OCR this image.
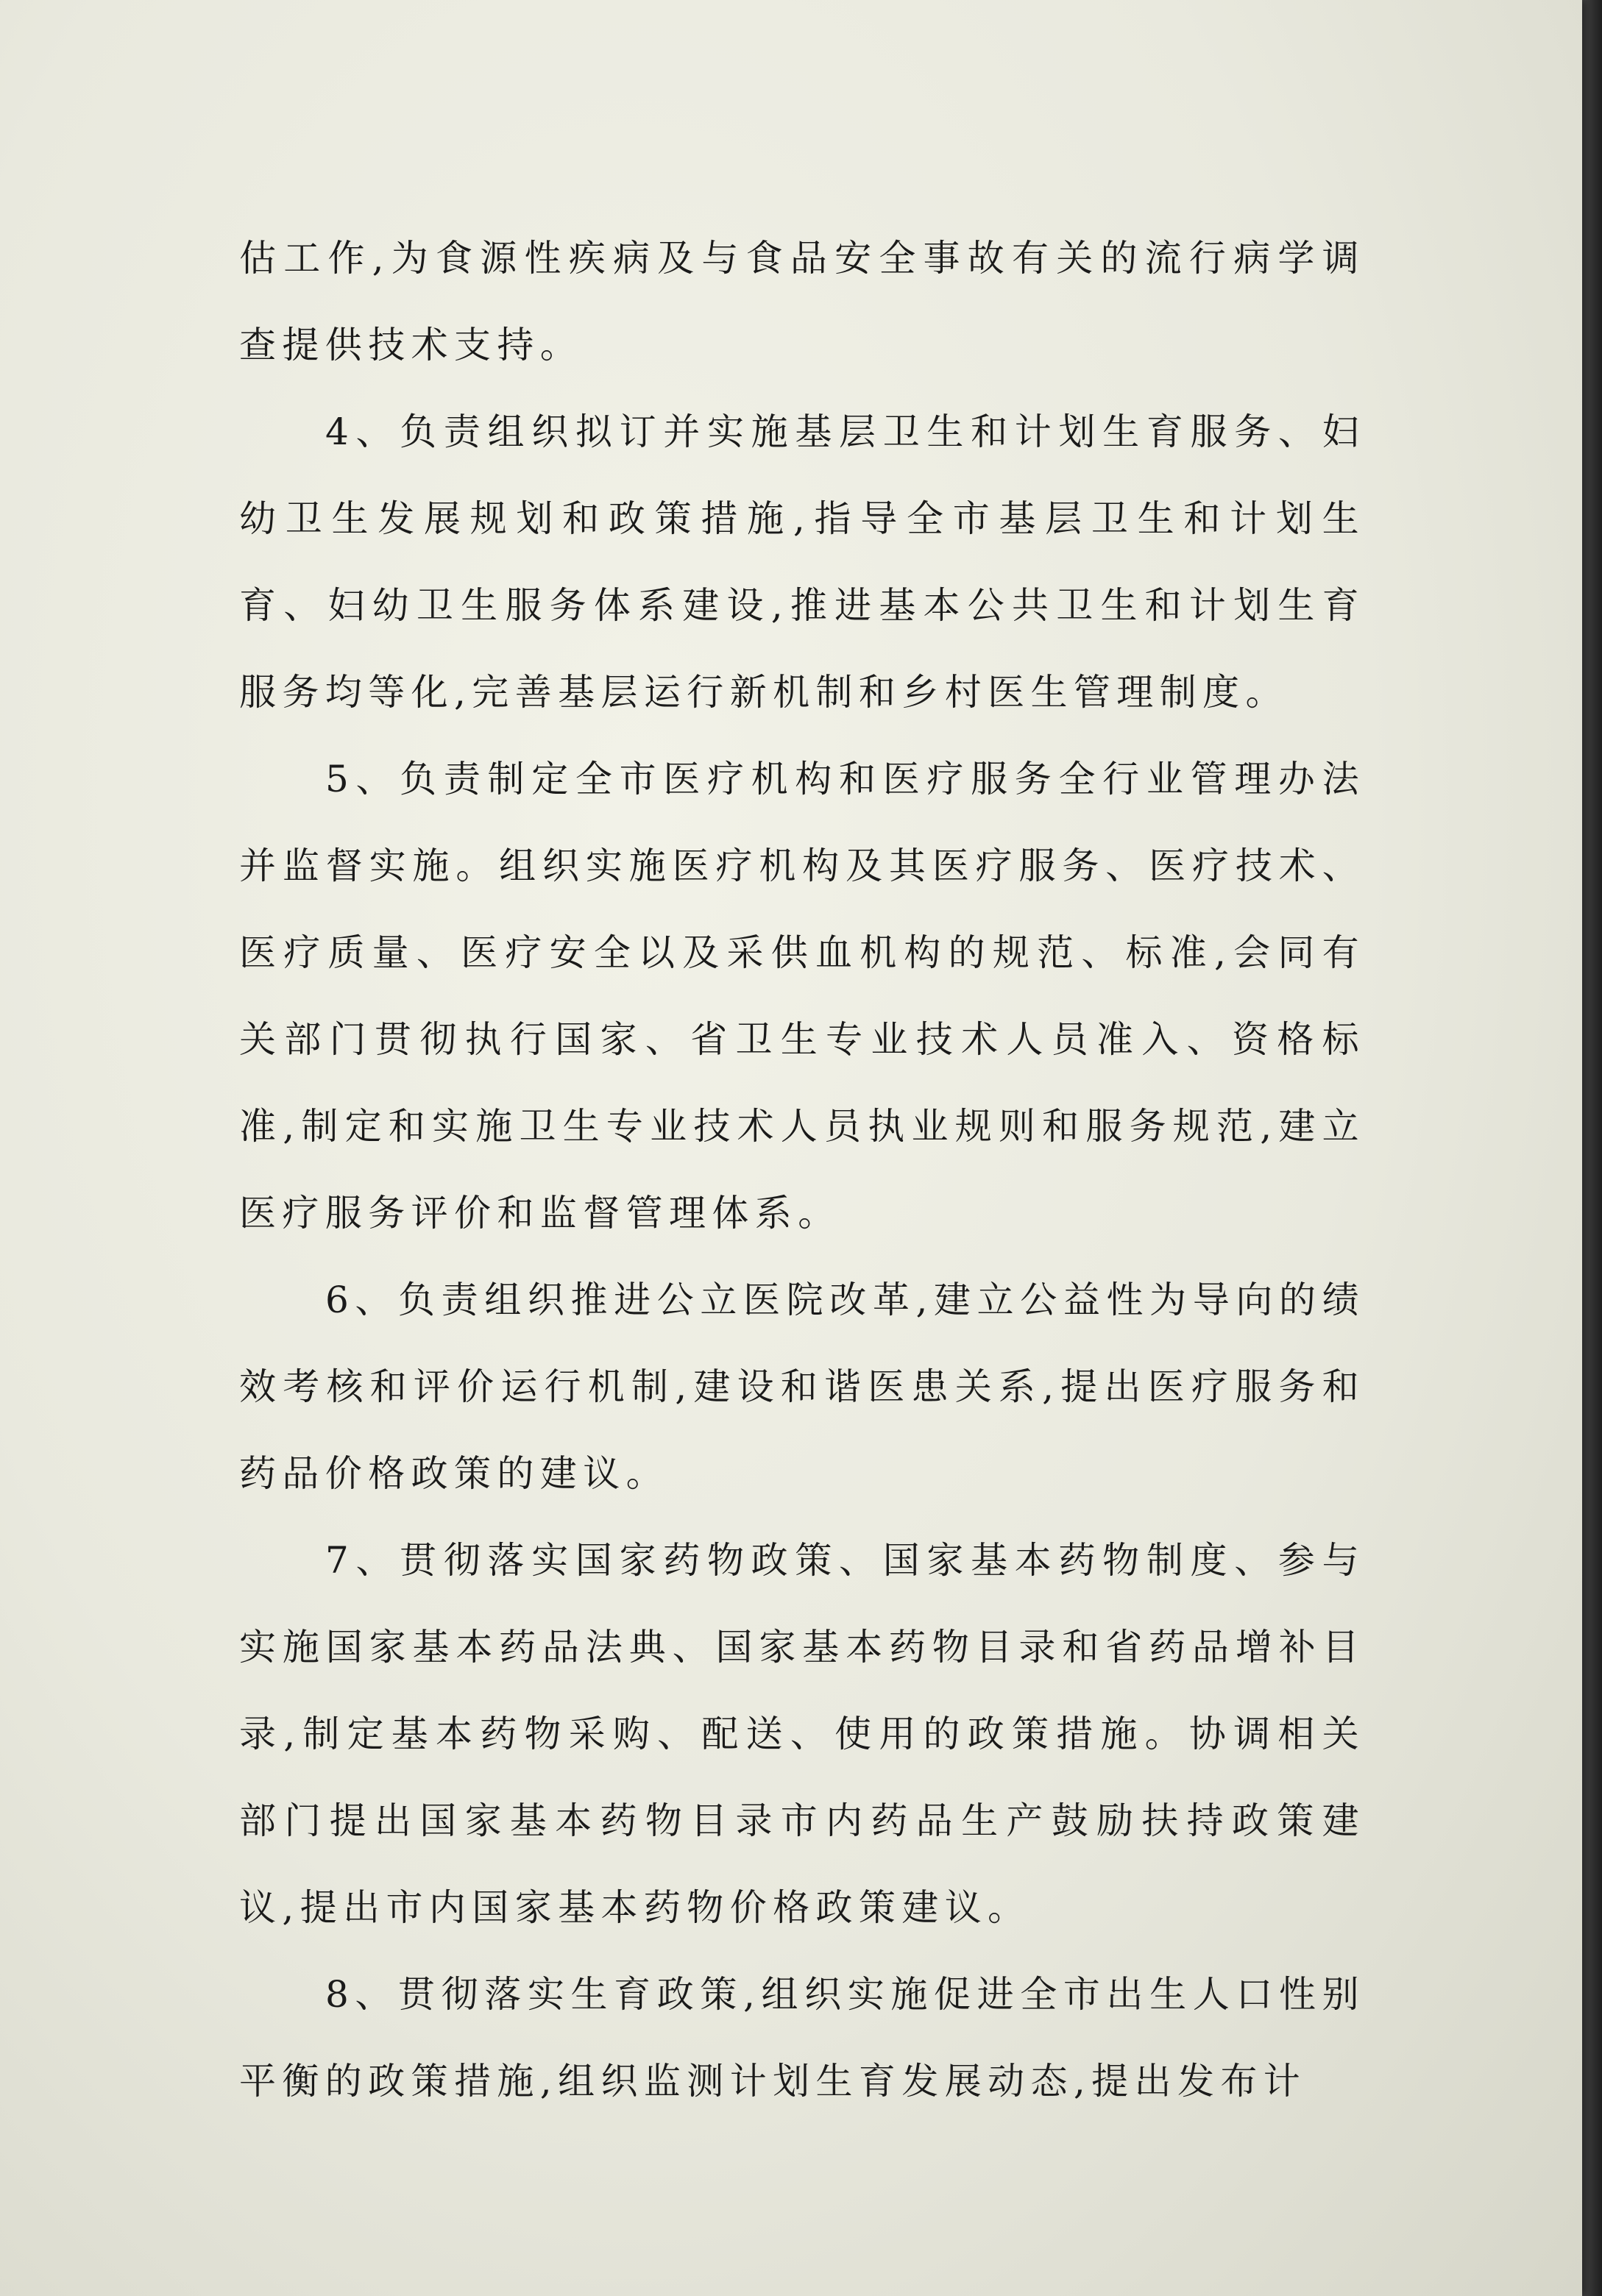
估工作,为食源性疾病及与食品安全事故有关的流行病学调查提供技术支持。

4、负责组织拟订并实施基层卫生和计划生育服务、妇幼卫生发展规划和政策措施,指导全市基层卫生和计划生育、妇幼卫生服务体系建设,推进基本公共卫生和计划生育服务均等化,完善基层运行新机制和乡村医生管理制度。

5、负责制定全市医疗机构和医疗服务全行业管理办法并监督实施。组织实施医疗机构及其医疗服务、医疗技术、医疗质量、医疗安全以及采供血机构的规范、标准,会同有关部门贯彻执行国家、省卫生专业技术人员准入、资格标准,制定和实施卫生专业技术人员执业规则和服务规范,建立医疗服务评价和监督管理体系。

6、负责组织推进公立医院改革,建立公益性为导向的绩效考核和评价运行机制,建设和谐医患关系,提出医疗服务和药品价格政策的建议。

7、贯彻落实国家药物政策、国家基本药物制度、参与实施国家基本药品法典、国家基本药物目录和省药品增补目录,制定基本药物采购、配送、使用的政策措施。协调相关部门提出国家基本药物目录市内药品生产鼓励扶持政策建议,提出市内国家基本药物价格政策建议。

8、贯彻落实生育政策,组织实施促进全市出生人口性别平衡的政策措施,组织监测计划生育发展动态,提出发布计
